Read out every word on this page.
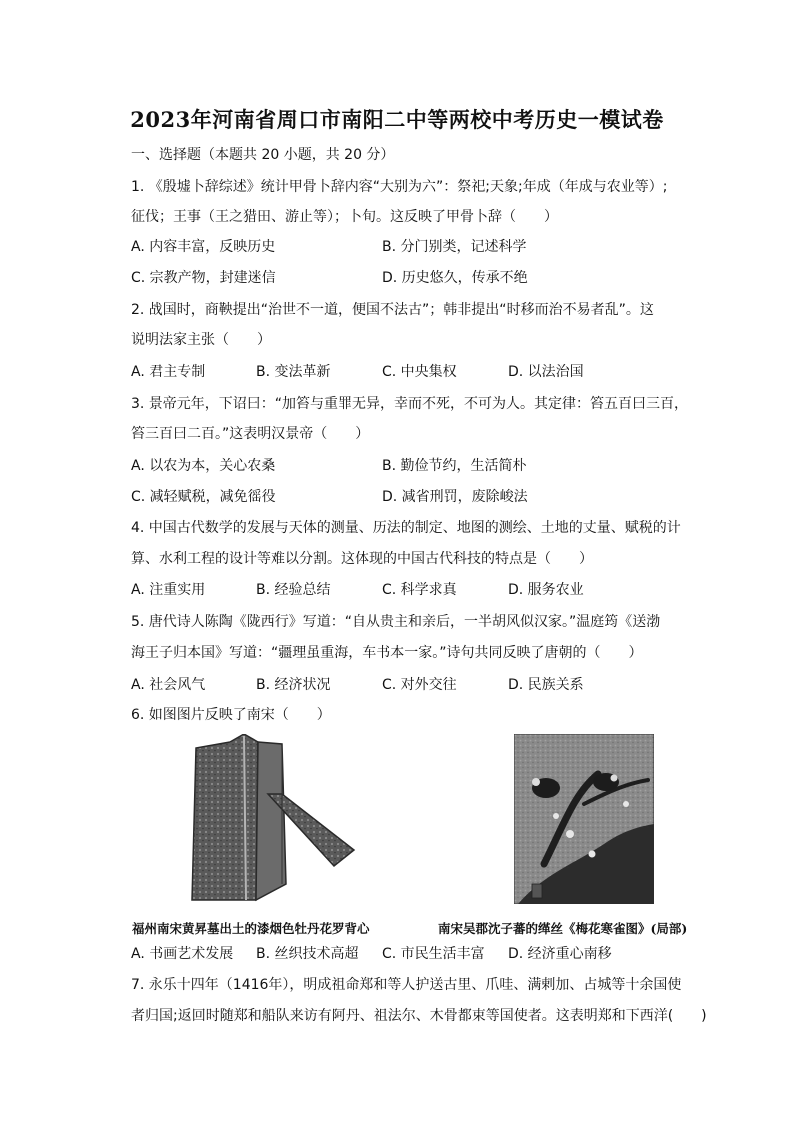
2023年河南省周口市南阳二中等两校中考历史一模试卷
一、选择题（本题共 20 小题，共 20 分）
1. 《殷墟卜辞综述》统计甲骨卜辞内容“大别为六”：祭祀;天象;年成（年成与农业等）;
征伐；王事（王之猎田、游止等）；卜旬。这反映了甲骨卜辞（　　）
A. 内容丰富，反映历史	B. 分门别类，记述科学
C. 宗教产物，封建迷信	D. 历史悠久，传承不绝
2. 战国时，商鞅提出“治世不一道，便国不法古”；韩非提出“时移而治不易者乱”。这
说明法家主张（　　）
A. 君主专制	B. 变法革新	C. 中央集权	D. 以法治国
3. 景帝元年，下诏曰：“加笞与重罪无异，幸而不死，不可为人。其定律：笞五百曰三百，
笞三百曰二百。”这表明汉景帝（　　）
A. 以农为本，关心农桑	B. 勤俭节约，生活简朴
C. 减轻赋税，减免徭役	D. 减省刑罚，废除峻法
4. 中国古代数学的发展与天体的测量、历法的制定、地图的测绘、土地的丈量、赋税的计
算、水利工程的设计等难以分割。这体现的中国古代科技的特点是（　　）
A. 注重实用	B. 经验总结	C. 科学求真	D. 服务农业
5. 唐代诗人陈陶《陇西行》写道：“自从贵主和亲后，一半胡风似汉家。”温庭筠《送渤
海王子归本国》写道：“疆理虽重海，车书本一家。”诗句共同反映了唐朝的（　　）
A. 社会风气	B. 经济状况	C. 对外交往	D. 民族关系
6. 如图图片反映了南宋（　　）
福州南宋黄昇墓出土的漆烟色牡丹花罗背心	南宋吴郡沈子蕃的缂丝《梅花寒雀图》(局部)
A. 书画艺术发展 B. 丝织技术高超 C. 市民生活丰富 D. 经济重心南移
7. 永乐十四年（1416年），明成祖命郑和等人护送古里、爪哇、满剌加、占城等十余国使
者归国;返回时随郑和船队来访有阿丹、祖法尔、木骨都束等国使者。这表明郑和下西洋(　　)
